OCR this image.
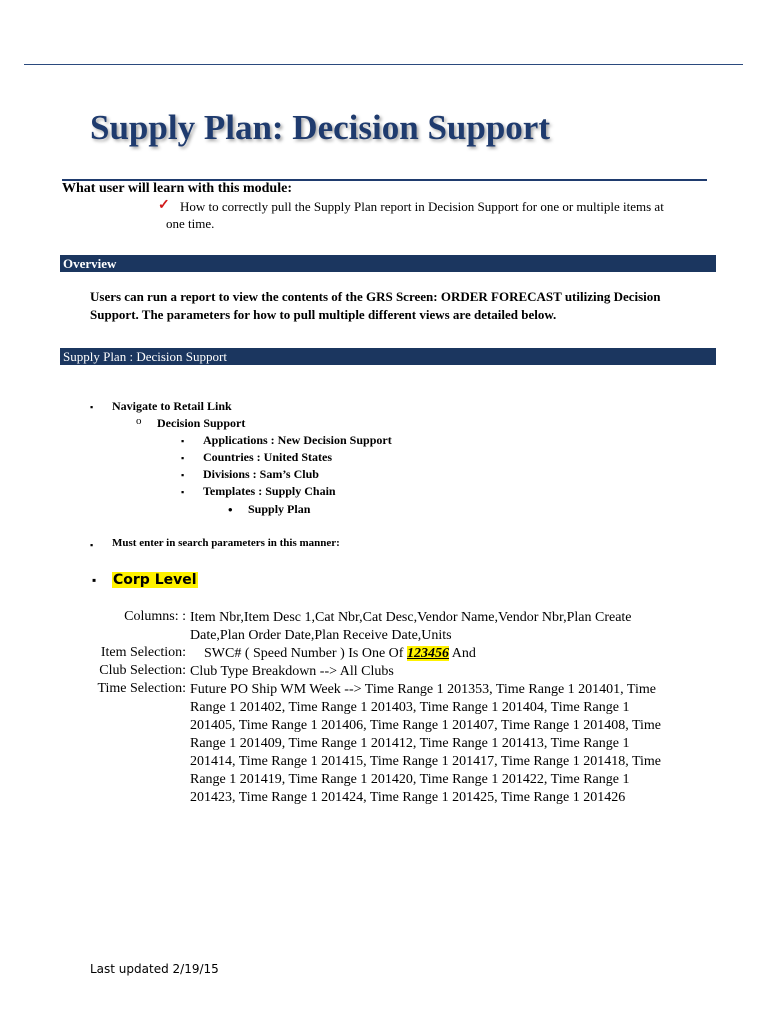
Supply Plan: Decision Support
What user will learn with this module:
✓ How to correctly pull the Supply Plan report in Decision Support for one or multiple items at one time.
Overview
Users can run a report to view the contents of the GRS Screen: ORDER FORECAST utilizing Decision Support. The parameters for how to pull multiple different views are detailed below.
Supply Plan : Decision Support
▪ Navigate to Retail Link
o Decision Support
▪ Applications : New Decision Support
▪ Countries : United States
▪ Divisions : Sam’s Club
▪ Templates : Supply Chain
• Supply Plan
▪ Must enter in search parameters in this manner:
▪ Corp Level
Columns: : Item Nbr,Item Desc 1,Cat Nbr,Cat Desc,Vendor Name,Vendor Nbr,Plan Create Date,Plan Order Date,Plan Receive Date,Units
Item Selection: SWC# ( Speed Number ) Is One Of 123456 And
Club Selection: Club Type Breakdown --> All Clubs
Time Selection: Future PO Ship WM Week --> Time Range 1 201353, Time Range 1 201401, Time Range 1 201402, Time Range 1 201403, Time Range 1 201404, Time Range 1 201405, Time Range 1 201406, Time Range 1 201407, Time Range 1 201408, Time Range 1 201409, Time Range 1 201412, Time Range 1 201413, Time Range 1 201414, Time Range 1 201415, Time Range 1 201417, Time Range 1 201418, Time Range 1 201419, Time Range 1 201420, Time Range 1 201422, Time Range 1 201423, Time Range 1 201424, Time Range 1 201425, Time Range 1 201426
Last updated 2/19/15
